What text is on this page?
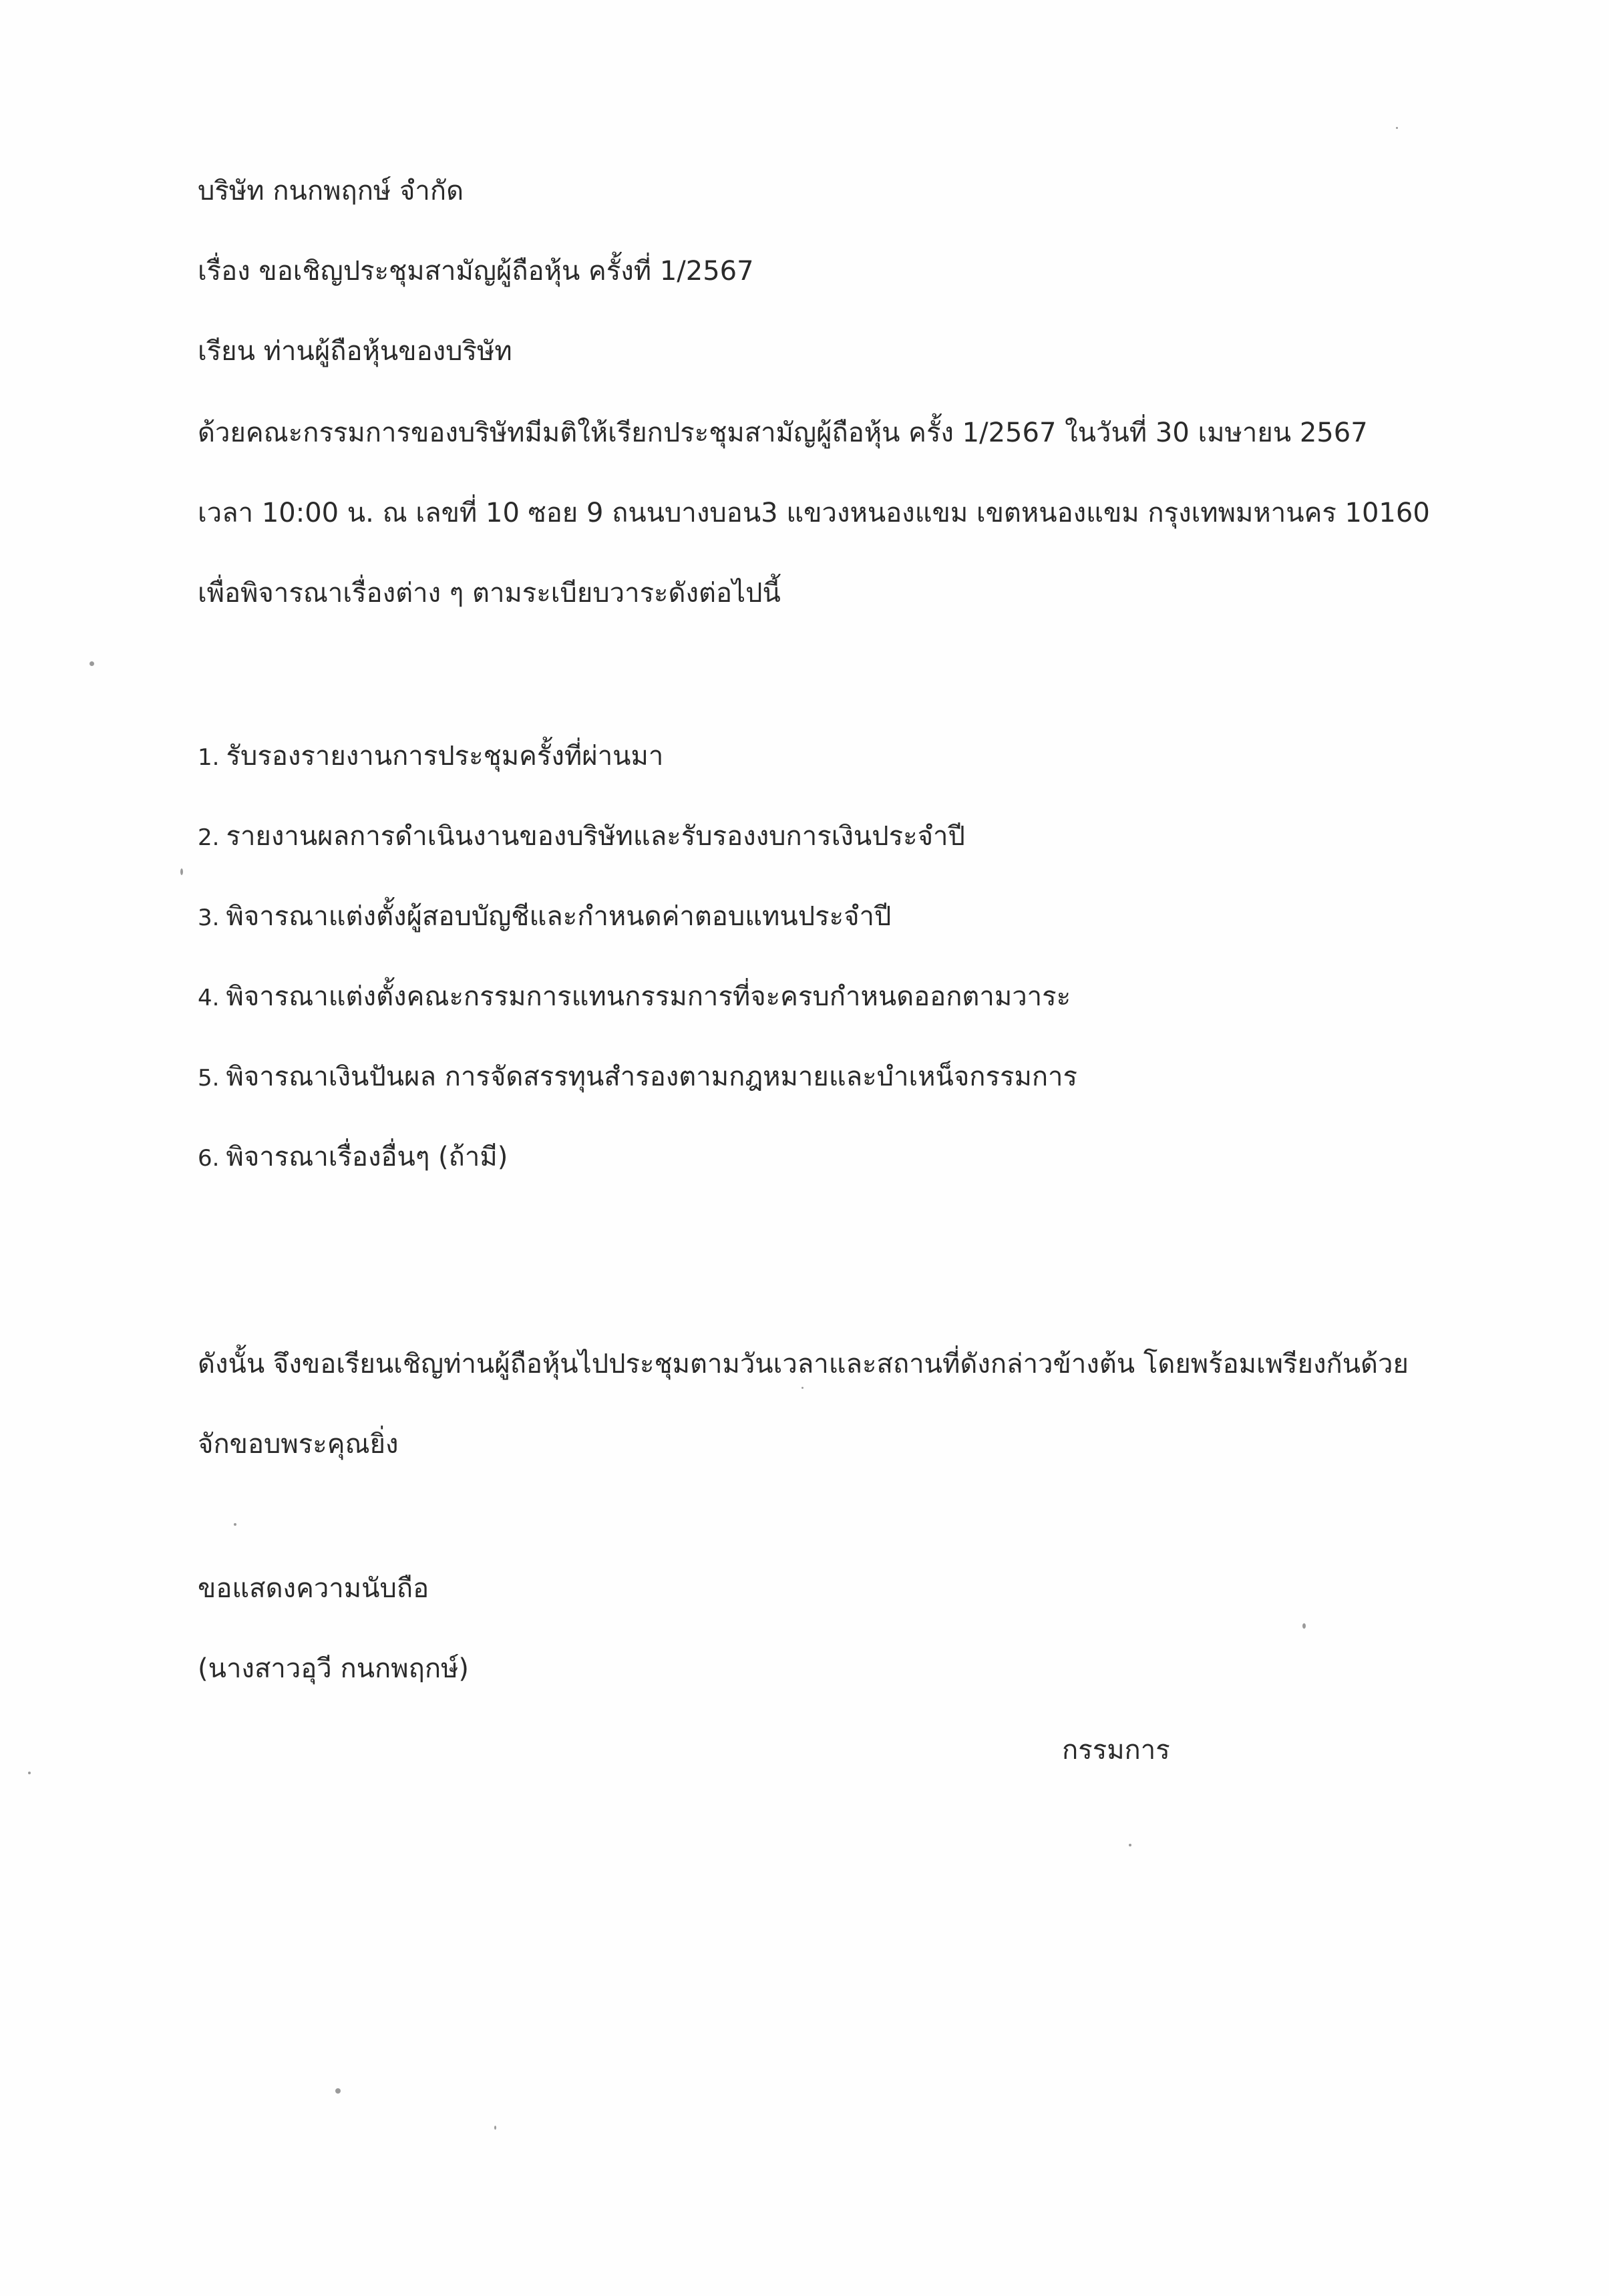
บริษัท กนกพฤกษ์ จำกัด
เรื่อง ขอเชิญประชุมสามัญผู้ถือหุ้น ครั้งที่ 1/2567
เรียน ท่านผู้ถือหุ้นของบริษัท
ด้วยคณะกรรมการของบริษัทมีมติให้เรียกประชุมสามัญผู้ถือหุ้น ครั้ง 1/2567 ในวันที่ 30 เมษายน 2567
เวลา 10:00 น. ณ เลขที่ 10 ซอย 9 ถนนบางบอน3 แขวงหนองแขม เขตหนองแขม กรุงเทพมหานคร 10160
เพื่อพิจารณาเรื่องต่าง ๆ ตามระเบียบวาระดังต่อไปนี้
1. รับรองรายงานการประชุมครั้งที่ผ่านมา
2. รายงานผลการดำเนินงานของบริษัทและรับรองงบการเงินประจำปี
3. พิจารณาแต่งตั้งผู้สอบบัญชีและกำหนดค่าตอบแทนประจำปี
4. พิจารณาแต่งตั้งคณะกรรมการแทนกรรมการที่จะครบกำหนดออกตามวาระ
5. พิจารณาเงินปันผล การจัดสรรทุนสำรองตามกฎหมายและบำเหน็จกรรมการ
6. พิจารณาเรื่องอื่นๆ (ถ้ามี)
ดังนั้น จึงขอเรียนเชิญท่านผู้ถือหุ้นไปประชุมตามวันเวลาและสถานที่ดังกล่าวข้างต้น โดยพร้อมเพรียงกันด้วย
จักขอบพระคุณยิ่ง
ขอแสดงความนับถือ
(นางสาวอุวี กนกพฤกษ์)
กรรมการ
